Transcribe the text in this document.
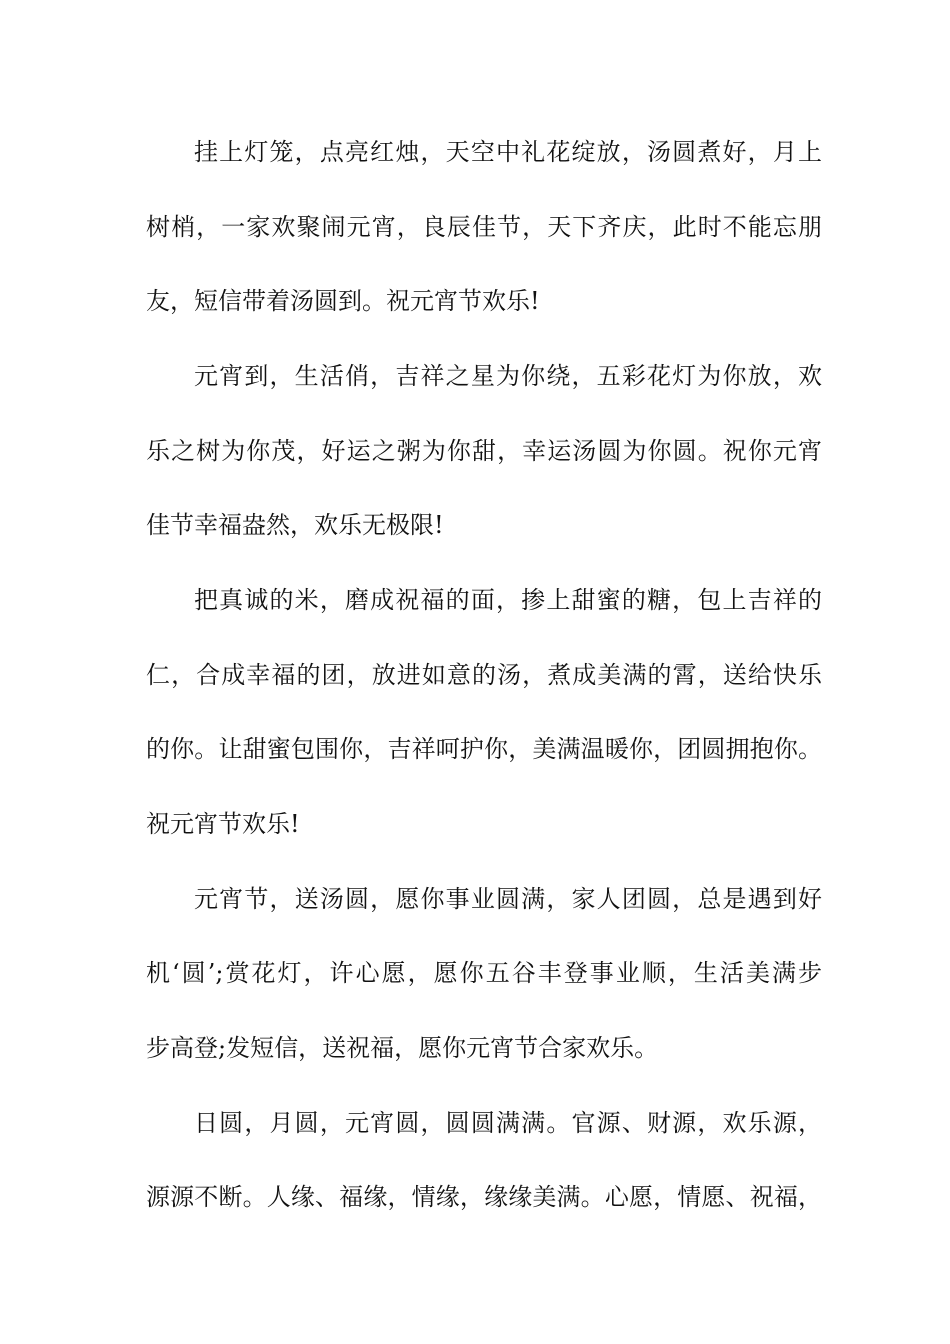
挂上灯笼，点亮红烛，天空中礼花绽放，汤圆煮好，月上
树梢，一家欢聚闹元宵，良辰佳节，天下齐庆，此时不能忘朋
友，短信带着汤圆到。祝元宵节欢乐!
元宵到，生活俏，吉祥之星为你绕，五彩花灯为你放，欢
乐之树为你茂，好运之粥为你甜，幸运汤圆为你圆。祝你元宵
佳节幸福盎然，欢乐无极限!
把真诚的米，磨成祝福的面，掺上甜蜜的糖，包上吉祥的
仁，合成幸福的团，放进如意的汤，煮成美满的霄，送给快乐
的你。让甜蜜包围你，吉祥呵护你，美满温暖你，团圆拥抱你。
祝元宵节欢乐!
元宵节，送汤圆，愿你事业圆满，家人团圆，总是遇到好
机‘圆’;赏花灯，许心愿，愿你五谷丰登事业顺，生活美满步
步高登;发短信，送祝福，愿你元宵节合家欢乐。
日圆，月圆，元宵圆，圆圆满满。官源、财源，欢乐源，
源源不断。人缘、福缘，情缘，缘缘美满。心愿，情愿、祝福，
